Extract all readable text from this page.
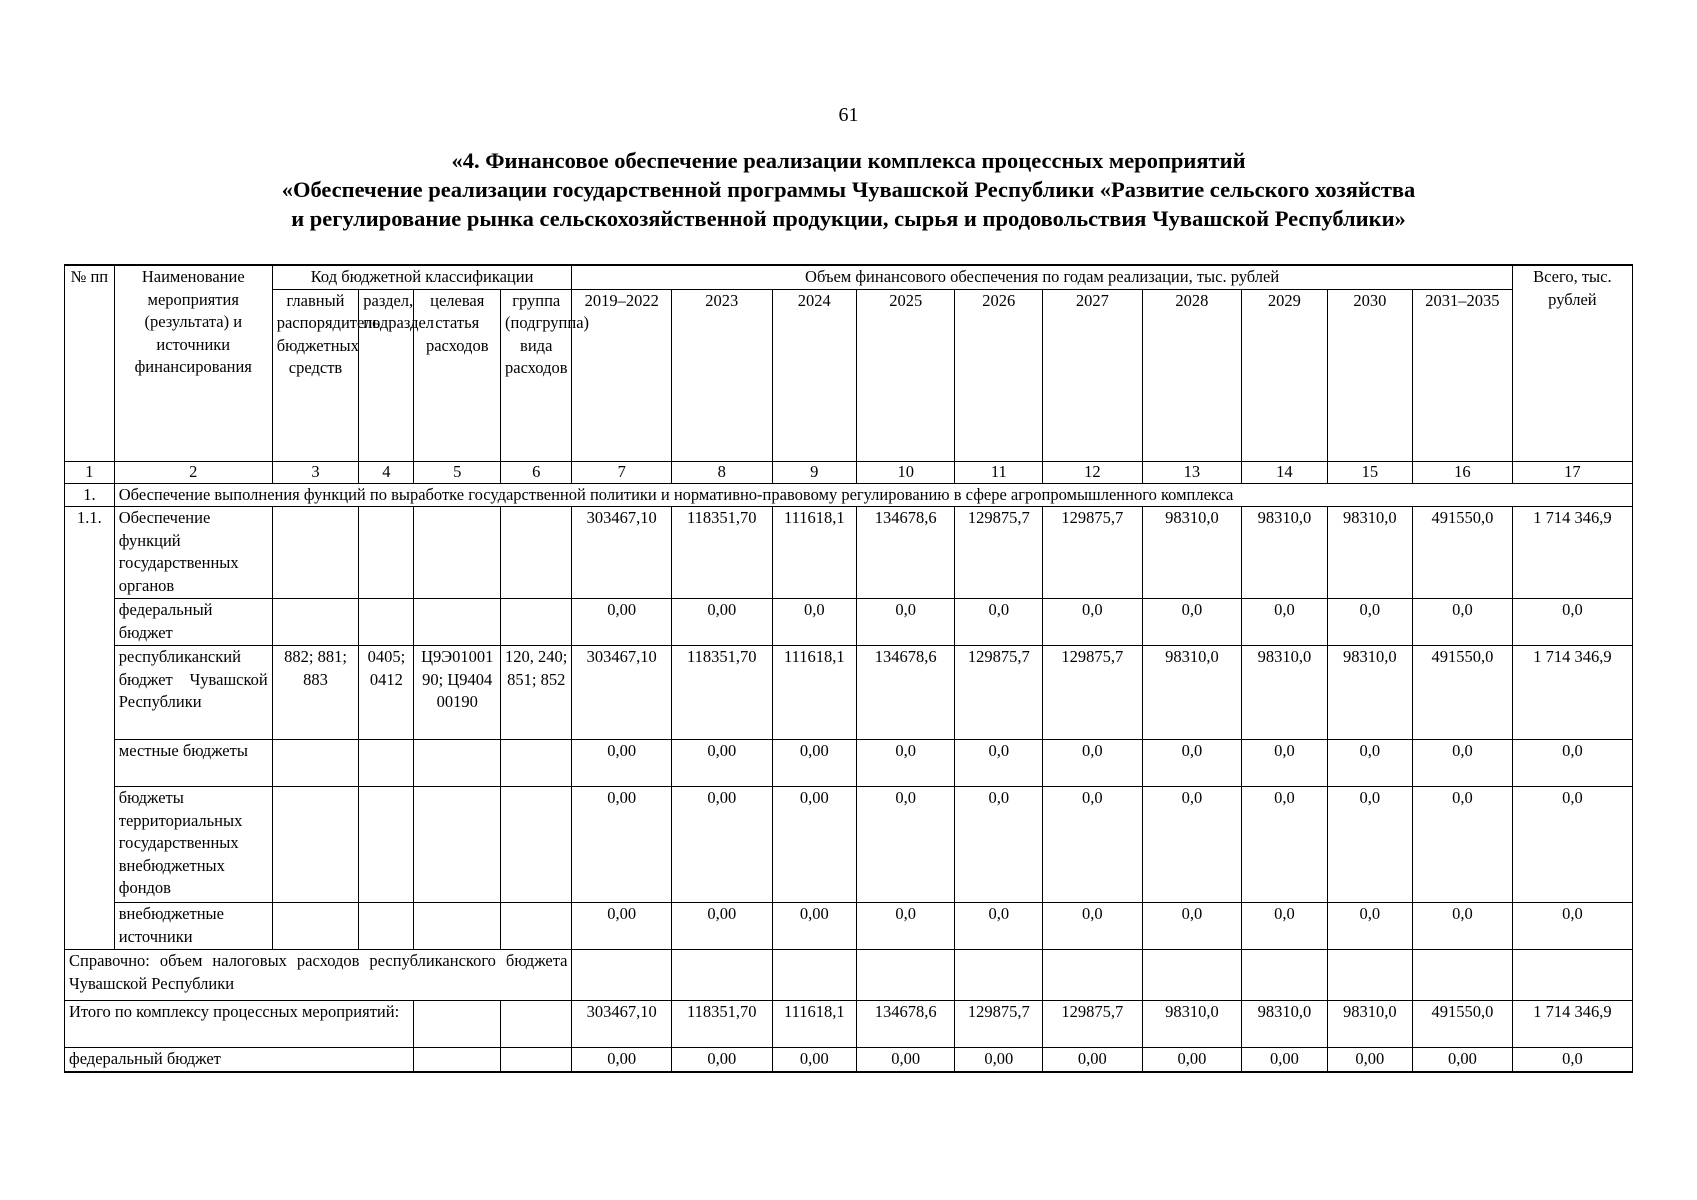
61
«4. Финансовое обеспечение реализации комплекса процессных мероприятий
«Обеспечение реализации государственной программы Чувашской Республики «Развитие сельского хозяйства
и регулирование рынка сельскохозяйственной продукции, сырья и продовольствия Чувашской Республики»
№ пп	Наименование мероприятия (результата) и источники финансирования	Код бюджетной классификации				Объем финансового обеспечения по годам реализации, тыс. рублей										Всего, тыс. рублей
		главный распорядитель бюджетных средств	раздел, подраздел	целевая статья расходов	группа (подгруппа) вида расходов	2019–2022	2023	2024	2025	2026	2027	2028	2029	2030	2031–2035	
1	2	3	4	5	6	7	8	9	10	11	12	13	14	15	16	17
1.	Обеспечение выполнения функций по выработке государственной политики и нормативно-правовому регулированию в сфере агропромышленного комплекса															
1.1.	Обеспечение функций государственных органов					303467,10	118351,70	111618,1	134678,6	129875,7	129875,7	98310,0	98310,0	98310,0	491550,0	1 714 346,9
	федеральный бюджет					0,00	0,00	0,0	0,0	0,0	0,0	0,0	0,0	0,0	0,0	0,0
	республиканский бюджет Чувашской Республики	882; 881; 883	0405; 0412	Ц9Э0100190; Ц940400190	120, 240; 851; 852	303467,10	118351,70	111618,1	134678,6	129875,7	129875,7	98310,0	98310,0	98310,0	491550,0	1 714 346,9
	местные бюджеты					0,00	0,00	0,00	0,0	0,0	0,0	0,0	0,0	0,0	0,0	0,0
	бюджеты территориальных государственных внебюджетных фондов					0,00	0,00	0,00	0,0	0,0	0,0	0,0	0,0	0,0	0,0	0,0
	внебюджетные источники					0,00	0,00	0,00	0,0	0,0	0,0	0,0	0,0	0,0	0,0	0,0
Справочно: объем налоговых расходов республиканского бюджета Чувашской Республики																
Итого по комплексу процессных мероприятий:						303467,10	118351,70	111618,1	134678,6	129875,7	129875,7	98310,0	98310,0	98310,0	491550,0	1 714 346,9
федеральный бюджет						0,00	0,00	0,00	0,00	0,00	0,00	0,00	0,00	0,00	0,00	0,0
